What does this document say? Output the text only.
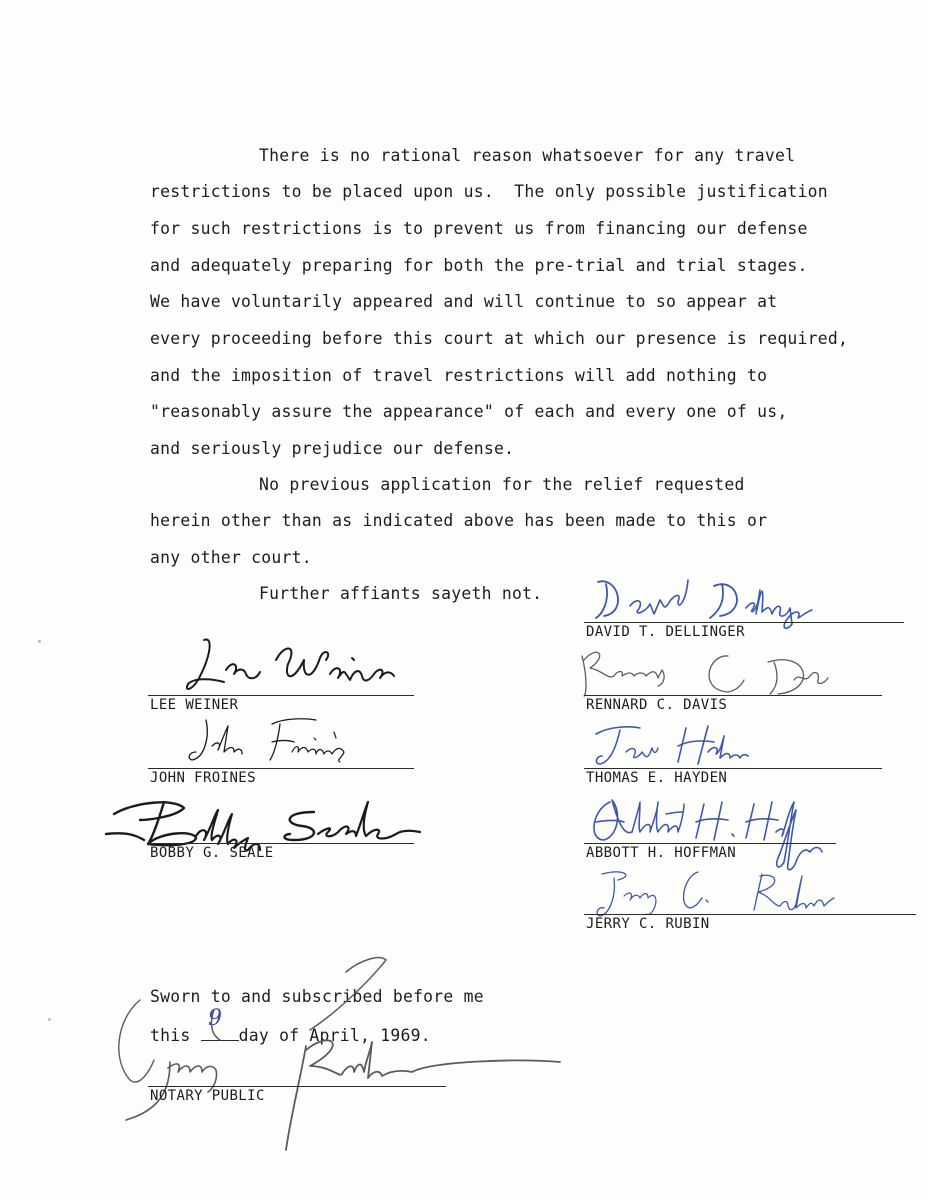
There is no rational reason whatsoever for any travel
restrictions to be placed upon us.  The only possible justification
for such restrictions is to prevent us from financing our defense
and adequately preparing for both the pre-trial and trial stages.
We have voluntarily appeared and will continue to so appear at
every proceeding before this court at which our presence is required,
and the imposition of travel restrictions will add nothing to
"reasonably assure the appearance" of each and every one of us,
and seriously prejudice our defense.
No previous application for the relief requested
herein other than as indicated above has been made to this or
any other court.
Further affiants sayeth not.
DAVID T. DELLINGER
RENNARD C. DAVIS
THOMAS E. HAYDEN
ABBOTT H. HOFFMAN
JERRY C. RUBIN
LEE WEINER
JOHN FROINES
BOBBY G. SEALE
Sworn to and subscribed before me
this day of April, 1969.
9
NOTARY PUBLIC
